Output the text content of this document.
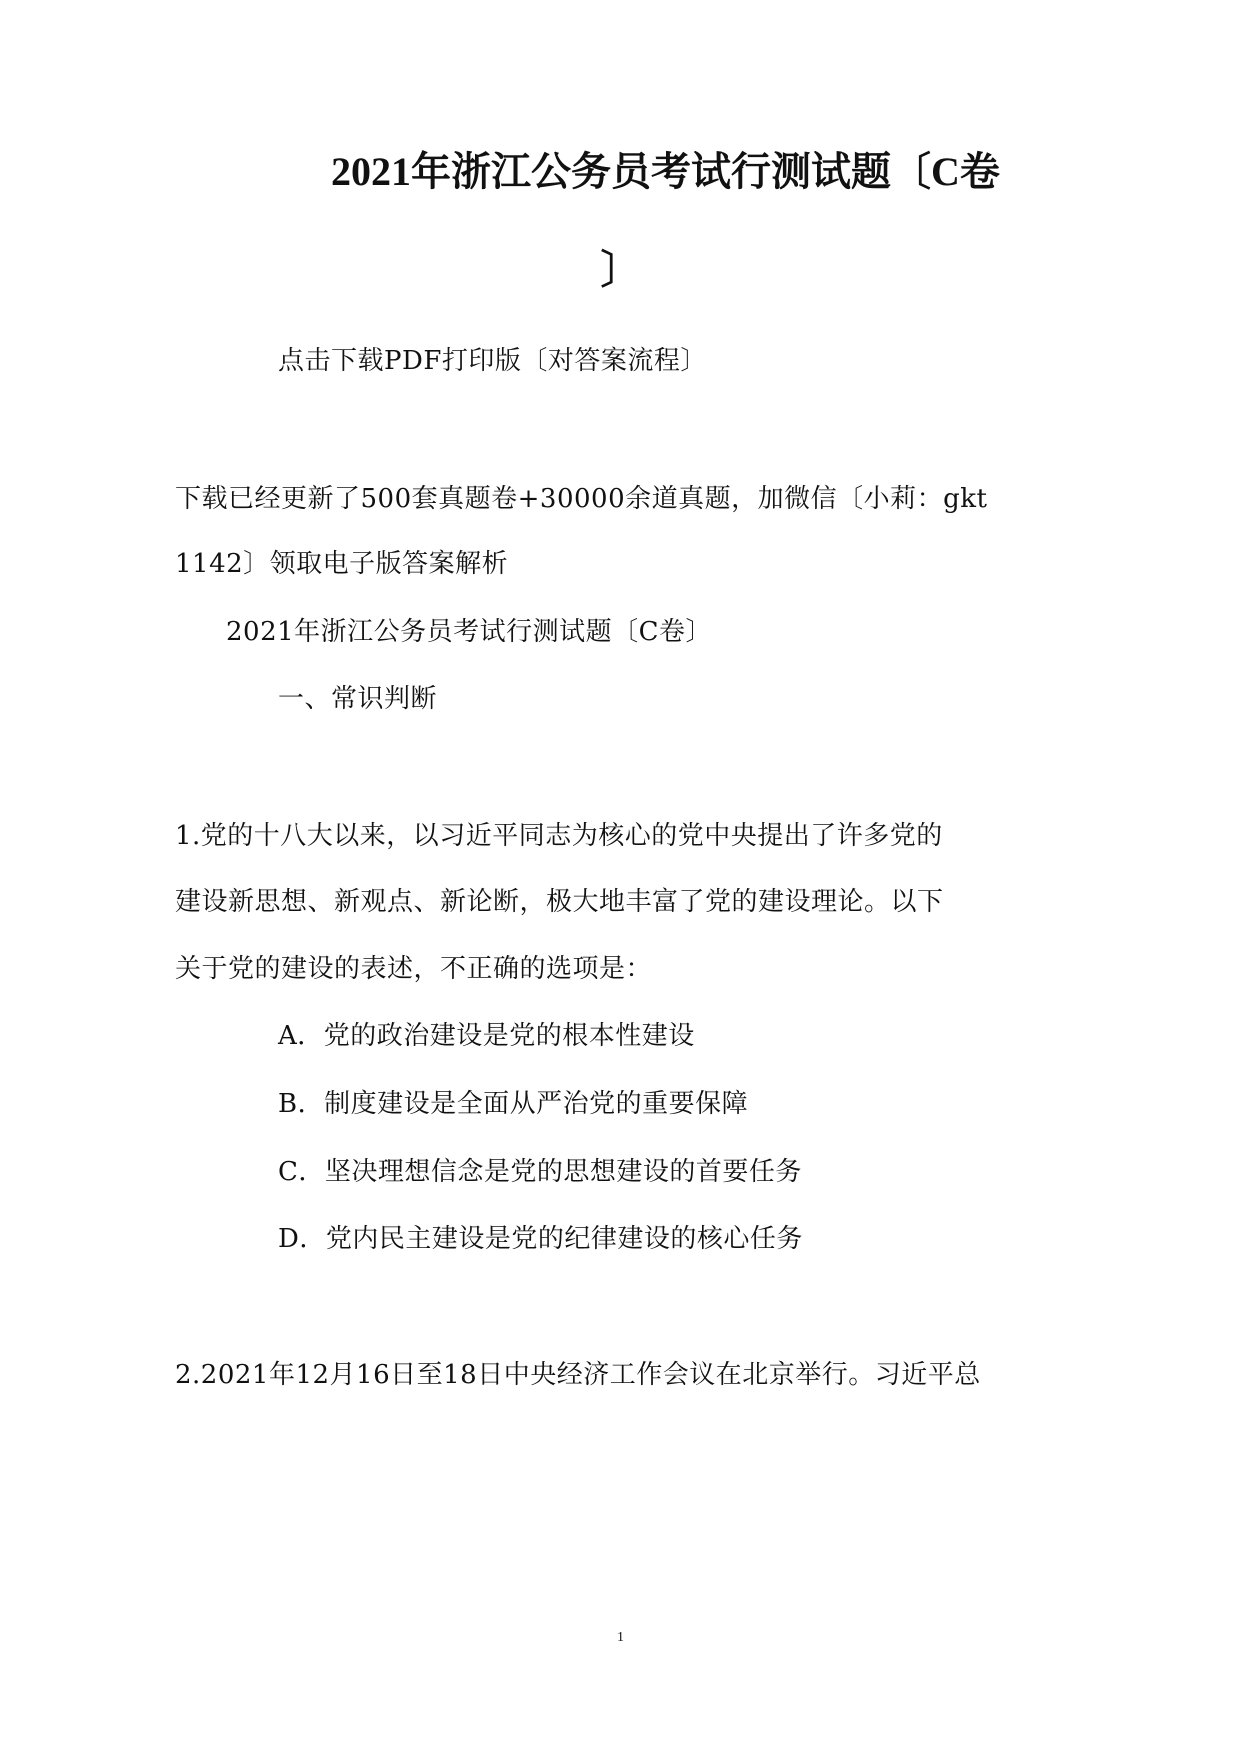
2021年浙江公务员考试行测试题〔C卷
〕
点击下载PDF打印版〔对答案流程〕
下载已经更新了500套真题卷+30000余道真题，加微信〔小莉：gkt
1142〕领取电子版答案解析
2021年浙江公务员考试行测试题〔C卷〕
一、常识判断
1.党的十八大以来，以习近平同志为核心的党中央提出了许多党的
建设新思想、新观点、新论断，极大地丰富了党的建设理论。以下
关于党的建设的表述，不正确的选项是：
A．党的政治建设是党的根本性建设
B．制度建设是全面从严治党的重要保障
C．坚决理想信念是党的思想建设的首要任务
D．党内民主建设是党的纪律建设的核心任务
2.2021年12月16日至18日中央经济工作会议在北京举行。习近平总
1
